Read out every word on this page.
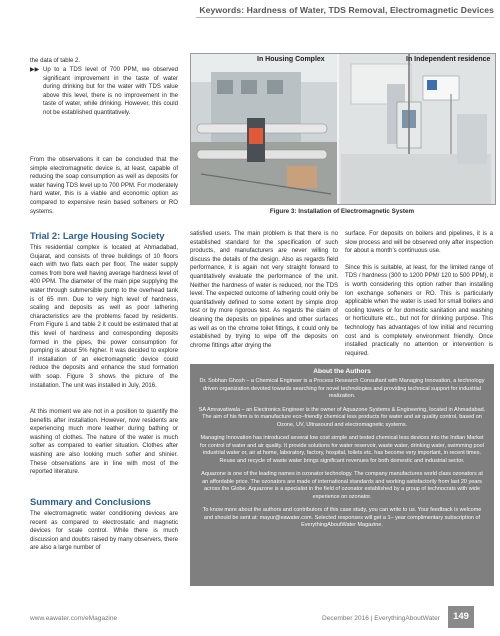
Keywords: Hardness of Water, TDS Removal, Electromagnetic Devices

the data of table 2.

▶▶ Up to a TDS level of 700 PPM, we observed significant improvement in the taste of water during drinking but for the water with TDS value above this level, there is no improvement in the taste of water, while drinking. However, this could not be established quantitatively.

From the observations it can be concluded that the simple electromagnetic device is, at least, capable of reducing the soap consumption as well as deposits for water having TDS level up to 700 PPM. For moderately hard water, this is a viable and economic option as compared to expensive resin based softeners or RO systems.

Trial 2: Large Housing Society

This residential complex is located at Ahmadabad, Gujarat, and consists of three buildings of 10 floors each with two flats each per floor. The water supply comes from bore well having average hardness level of 400 PPM. The diameter of the main pipe supplying the water through submersible pump to the overhead tank is of 65 mm. Due to very high level of hardness, scaling and deposits as well as poor lathering characteristics are the problems faced by residents. From Figure 1 and table 2 it could be estimated that at this level of hardness and corresponding deposits formed in the pipes, the power consumption for pumping is about 5% higher. It was decided to explore if installation of an electromagnetic device could reduce the deposits and enhance the stud formation with soap. Figure 3 shows the picture of the installation. The unit was installed in July, 2016.

At this moment we are not in a position to quantify the benefits after installation. However, now residents are experiencing much more leather during bathing or washing of clothes. The nature of the water is much softer as compared to earlier situation. Clothes after washing are also looking much softer and shinier. These observations are in line with most of the reported literature.

Summary and Conclusions

The electromagnetic water conditioning devices are recent as compared to electrostatic and magnetic devices for scale control. While there is much discussion and doubts raised by many observers, there are also a large number of

In Housing Complex	In Independent residence
Figure 3: Installation of Electromagnetic System

satisfied users. The main problem is that there is no established standard for the specification of such products, and manufacturers are never willing to discuss the details of the design. Also as regards field performance, it is again not very straight forward to quantitatively evaluate the performance of the unit. Neither the hardness of water is reduced, nor the TDS level. The expected outcome of lathering could only be quantitatively defined to some extent by simple drop test or by more rigorous test. As regards the claim of cleaning the deposits on pipelines and other surfaces as well as on the chrome toilet fittings, it could only be established by trying to wipe off the deposits on chrome fittings after drying the

surface. For deposits on boilers and pipelines, it is a slow process and will be observed only after inspection for about a month’s continuous use.

Since this is suitable, at least, for the limited range of TDS / hardness (300 to 1200 PPM/ 120 to 500 PPM), it is worth considering this option rather than installing Ion exchange softeners or RO. This is particularly applicable when the water is used for small boilers and cooling towers or for domestic sanitation and washing or horticulture etc., but not for drinking purpose. This technology has advantages of low initial and recurring cost and is completely environment friendly. Once installed practically no attention or intervention is required.

About the Authors

Dr. Sobhan Ghosh – a Chemical Engineer is a Process Research Consultant with Managing Innovation, a technology driven organization devoted towards searching for novel technologies and providing technical support for industrial realization.

SA Amravatiwala – an Electronics Engineer is the owner of Aquazone Systems & Engineering, located in Ahmadabad. The aim of his firm is to manufacture eco–friendly chemical less products for water and air quality control, based on Ozone, UV, Ultrasound and electromagnetic systems.

Managing Innovation has introduced several low cost simple and tested chemical less devices into the Indian Market for control of water and air quality. It provide solutions for water reservoir, waste water, drinking water, swimming pool industrial water or, air at home, laboratory, factory, hospital, toilets etc. has become very important, in recent times. Reuse and recycle of waste water brings significant revenues for both domestic and industrial sector.

Aquazone is one of the leading names in ozonator technology. The company manufactures world class ozonators at an affordable price. The ozonators are made of international standards and working satisfactorily from last 20 years across the Globe. Aquazone is a specialist in the field of ozonator established by a group of technocrats with wide experience on ozonator.

To know more about the authors and contributors of this case study, you can write to us. Your feedback is welcome and should be sent at: mayur@eawater.com. Selected responses will get a 1– year complimentary subscription of EverythingAboutWater Magazine.

www.eawater.com/eMagazine	December 2016 | EverythingAboutWater	149
